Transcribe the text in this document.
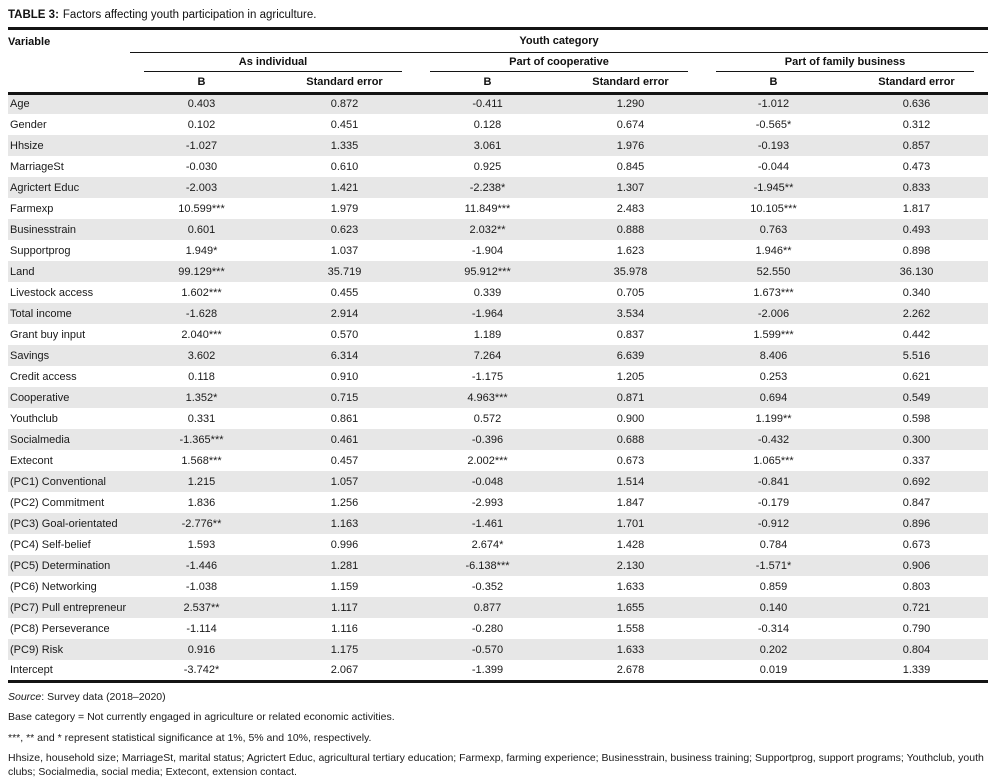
TABLE 3: Factors affecting youth participation in agriculture.
Variable	Youth category					

	As individual		Part of cooperative		Part of family business	

	B	Standard error	B	Standard error	B	Standard error
Age	0.403	0.872	-0.411	1.290	-1.012	0.636
Gender	0.102	0.451	0.128	0.674	-0.565*	0.312
Hhsize	-1.027	1.335	3.061	1.976	-0.193	0.857
MarriageSt	-0.030	0.610	0.925	0.845	-0.044	0.473
Agrictert Educ	-2.003	1.421	-2.238*	1.307	-1.945**	0.833
Farmexp	10.599***	1.979	11.849***	2.483	10.105***	1.817
Businesstrain	0.601	0.623	2.032**	0.888	0.763	0.493
Supportprog	1.949*	1.037	-1.904	1.623	1.946**	0.898
Land	99.129***	35.719	95.912***	35.978	52.550	36.130
Livestock access	1.602***	0.455	0.339	0.705	1.673***	0.340
Total income	-1.628	2.914	-1.964	3.534	-2.006	2.262
Grant buy input	2.040***	0.570	1.189	0.837	1.599***	0.442
Savings	3.602	6.314	7.264	6.639	8.406	5.516
Credit access	0.118	0.910	-1.175	1.205	0.253	0.621
Cooperative	1.352*	0.715	4.963***	0.871	0.694	0.549
Youthclub	0.331	0.861	0.572	0.900	1.199**	0.598
Socialmedia	-1.365***	0.461	-0.396	0.688	-0.432	0.300
Extecont	1.568***	0.457	2.002***	0.673	1.065***	0.337
(PC1) Conventional	1.215	1.057	-0.048	1.514	-0.841	0.692
(PC2) Commitment	1.836	1.256	-2.993	1.847	-0.179	0.847
(PC3) Goal-orientated	-2.776**	1.163	-1.461	1.701	-0.912	0.896
(PC4) Self-belief	1.593	0.996	2.674*	1.428	0.784	0.673
(PC5) Determination	-1.446	1.281	-6.138***	2.130	-1.571*	0.906
(PC6) Networking	-1.038	1.159	-0.352	1.633	0.859	0.803
(PC7) Pull entrepreneur	2.537**	1.117	0.877	1.655	0.140	0.721
(PC8) Perseverance	-1.114	1.116	-0.280	1.558	-0.314	0.790
(PC9) Risk	0.916	1.175	-0.570	1.633	0.202	0.804
Intercept	-3.742*	2.067	-1.399	2.678	0.019	1.339

Source: Survey data (2018–2020)

Base category = Not currently engaged in agriculture or related economic activities.

***, ** and * represent statistical significance at 1%, 5% and 10%, respectively.

Hhsize, household size; MarriageSt, marital status; Agrictert Educ, agricultural tertiary education; Farmexp, farming experience; Businesstrain, business training; Supportprog, support programs; Youthclub, youth clubs; Socialmedia, social media; Extecont, extension contact.
